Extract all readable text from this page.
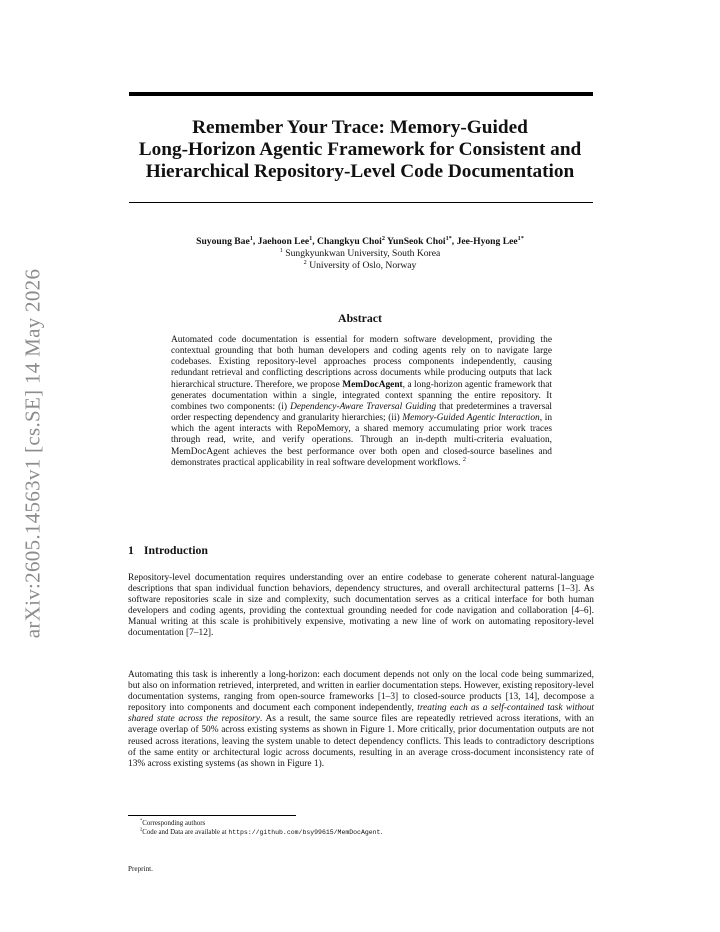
arXiv:2605.14563v1 [cs.SE] 14 May 2026
Remember Your Trace: Memory-Guided
Long-Horizon Agentic Framework for Consistent and
Hierarchical Repository-Level Code Documentation
Suyoung Bae$^1$, Jaehoon Lee$^1$, Changkyu Choi$^2$ YunSeok Choi$^{1*}$, Jee-Hyong Lee$^{1*}$
$^1$ Sungkyunkwan University, South Korea
$^2$ University of Oslo, Norway
Abstract
Automated code documentation is essential for modern software development, providing the contextual grounding that both human developers and coding agents rely on to navigate large codebases. Existing repository-level approaches process components independently, causing redundant retrieval and conflicting descriptions across documents while producing outputs that lack hierarchical structure. Therefore, we propose MemDocAgent, a long-horizon agentic framework that generates documentation within a single, integrated context spanning the entire repository. It combines two components: (i) Dependency-Aware Traversal Guiding that predetermines a traversal order respecting dependency and granularity hierarchies; (ii) Memory-Guided Agentic Interaction, in which the agent interacts with RepoMemory, a shared memory accumulating prior work traces through read, write, and verify operations. Through an in-depth multi-criteria evaluation, MemDocAgent achieves the best performance over both open and closed-source baselines and demonstrates practical applicability in real software development workflows. $^2$
1 Introduction

Repository-level documentation requires understanding over an entire codebase to generate coherent natural-language descriptions that span individual function behaviors, dependency structures, and overall architectural patterns [1–3]. As software repositories scale in size and complexity, such documentation serves as a critical interface for both human developers and coding agents, providing the contextual grounding needed for code navigation and collaboration [4–6]. Manual writing at this scale is prohibitively expensive, motivating a new line of work on automating repository-level documentation [7–12].

Automating this task is inherently a long-horizon: each document depends not only on the local code being summarized, but also on information retrieved, interpreted, and written in earlier documentation steps. However, existing repository-level documentation systems, ranging from open-source frameworks [1–3] to closed-source products [13, 14], decompose a repository into components and document each component independently, treating each as a self-contained task without shared state across the repository. As a result, the same source files are repeatedly retrieved across iterations, with an average overlap of 50% across existing systems as shown in Figure 1. More critically, prior documentation outputs are not reused across iterations, leaving the system unable to detect dependency conflicts. This leads to contradictory descriptions of the same entity or architectural logic across documents, resulting in an average cross-document inconsistency rate of 13% across existing systems (as shown in Figure 1).

*Corresponding authors
$^2$Code and Data are available at https://github.com/bsy99615/MemDocAgent.
Preprint.
